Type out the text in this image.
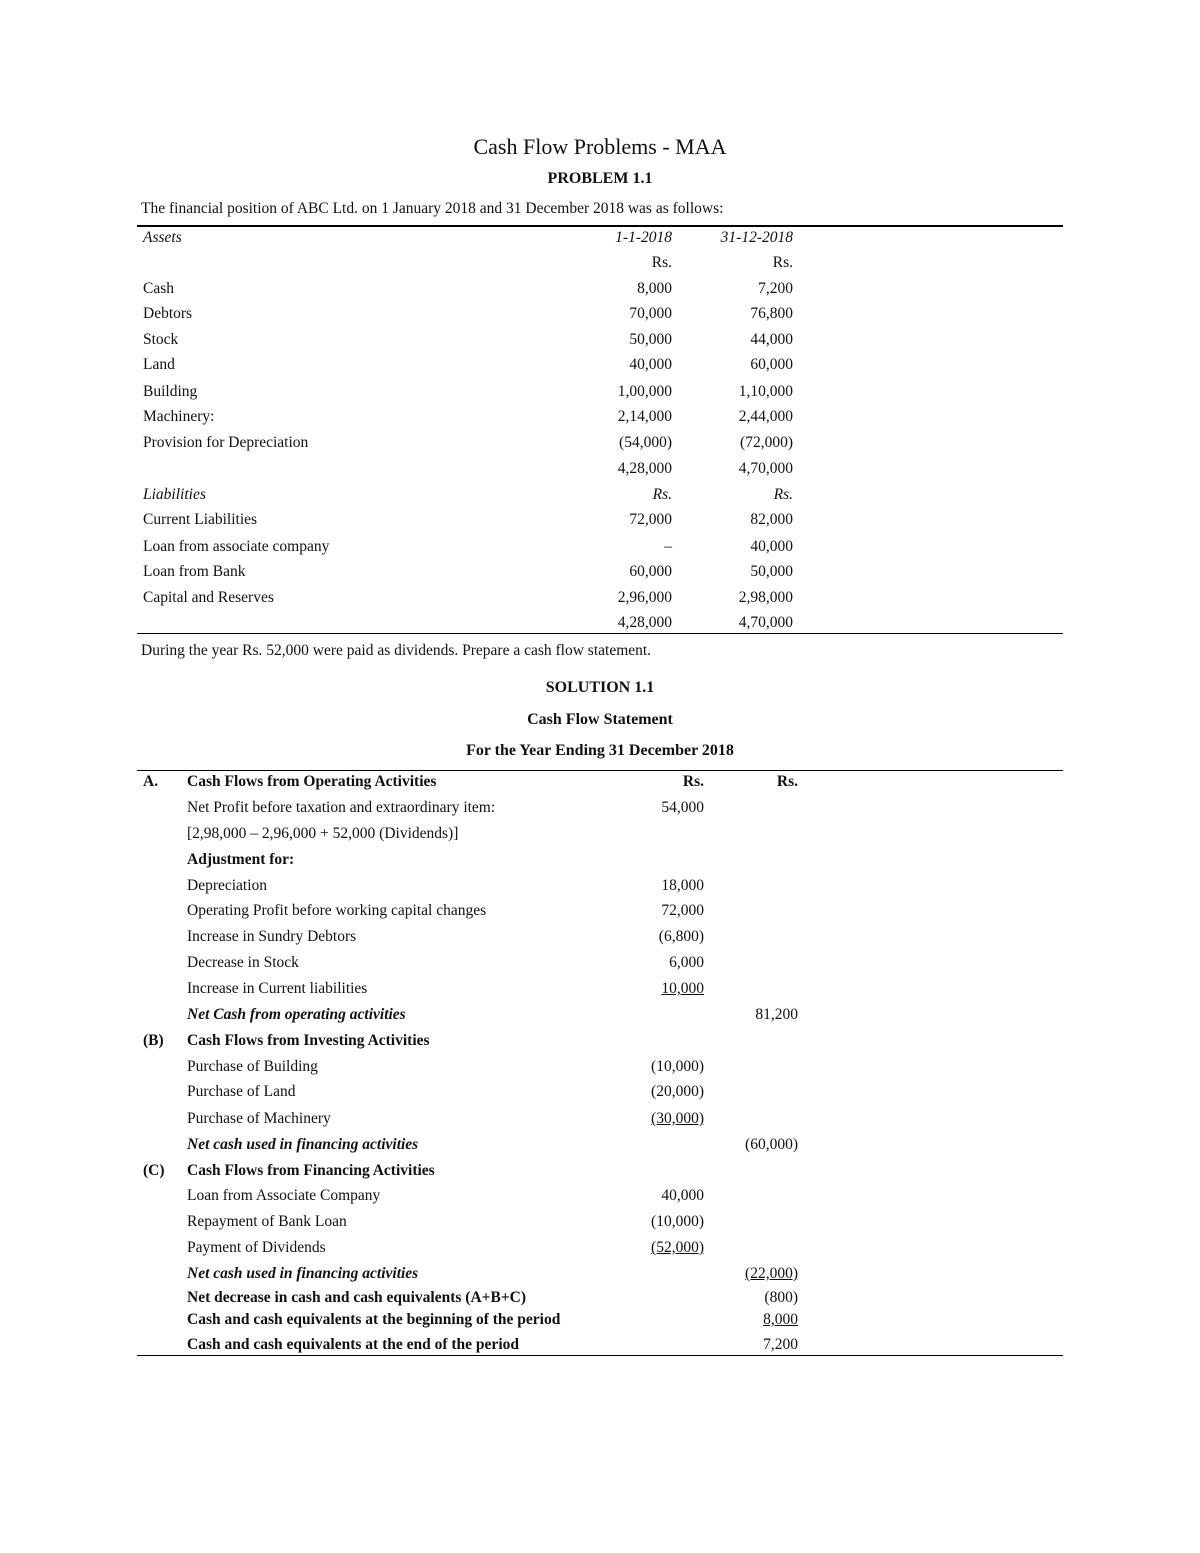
Cash Flow Problems - MAA
PROBLEM 1.1
The financial position of ABC Ltd. on 1 January 2018 and 31 December 2018 was as follows:
Assets	1-1-2018	31-12-2018
Rs.	Rs.
Cash	8,000	7,200
Debtors	70,000	76,800
Stock	50,000	44,000
Land	40,000	60,000
Building	1,00,000	1,10,000
Machinery:	2,14,000	2,44,000
Provision for Depreciation	(54,000)	(72,000)
4,28,000	4,70,000
Liabilities	Rs.	Rs.
Current Liabilities	72,000	82,000
Loan from associate company	–	40,000
Loan from Bank	60,000	50,000
Capital and Reserves	2,96,000	2,98,000
4,28,000	4,70,000
During the year Rs. 52,000 were paid as dividends. Prepare a cash flow statement.
SOLUTION 1.1
Cash Flow Statement
For the Year Ending 31 December 2018
A. Cash Flows from Operating Activities	Rs.	Rs.
Net Profit before taxation and extraordinary item:	54,000
[2,98,000 – 2,96,000 + 52,000 (Dividends)]
Adjustment for:
Depreciation	18,000
Operating Profit before working capital changes	72,000
Increase in Sundry Debtors	(6,800)
Decrease in Stock	6,000
Increase in Current liabilities	10,000
Net Cash from operating activities	81,200
(B) Cash Flows from Investing Activities
Purchase of Building	(10,000)
Purchase of Land	(20,000)
Purchase of Machinery	(30,000)
Net cash used in financing activities	(60,000)
(C) Cash Flows from Financing Activities
Loan from Associate Company	40,000
Repayment of Bank Loan	(10,000)
Payment of Dividends	(52,000)
Net cash used in financing activities	(22,000)
Net decrease in cash and cash equivalents (A+B+C)	(800)
Cash and cash equivalents at the beginning of the period	8,000
Cash and cash equivalents at the end of the period	7,200
